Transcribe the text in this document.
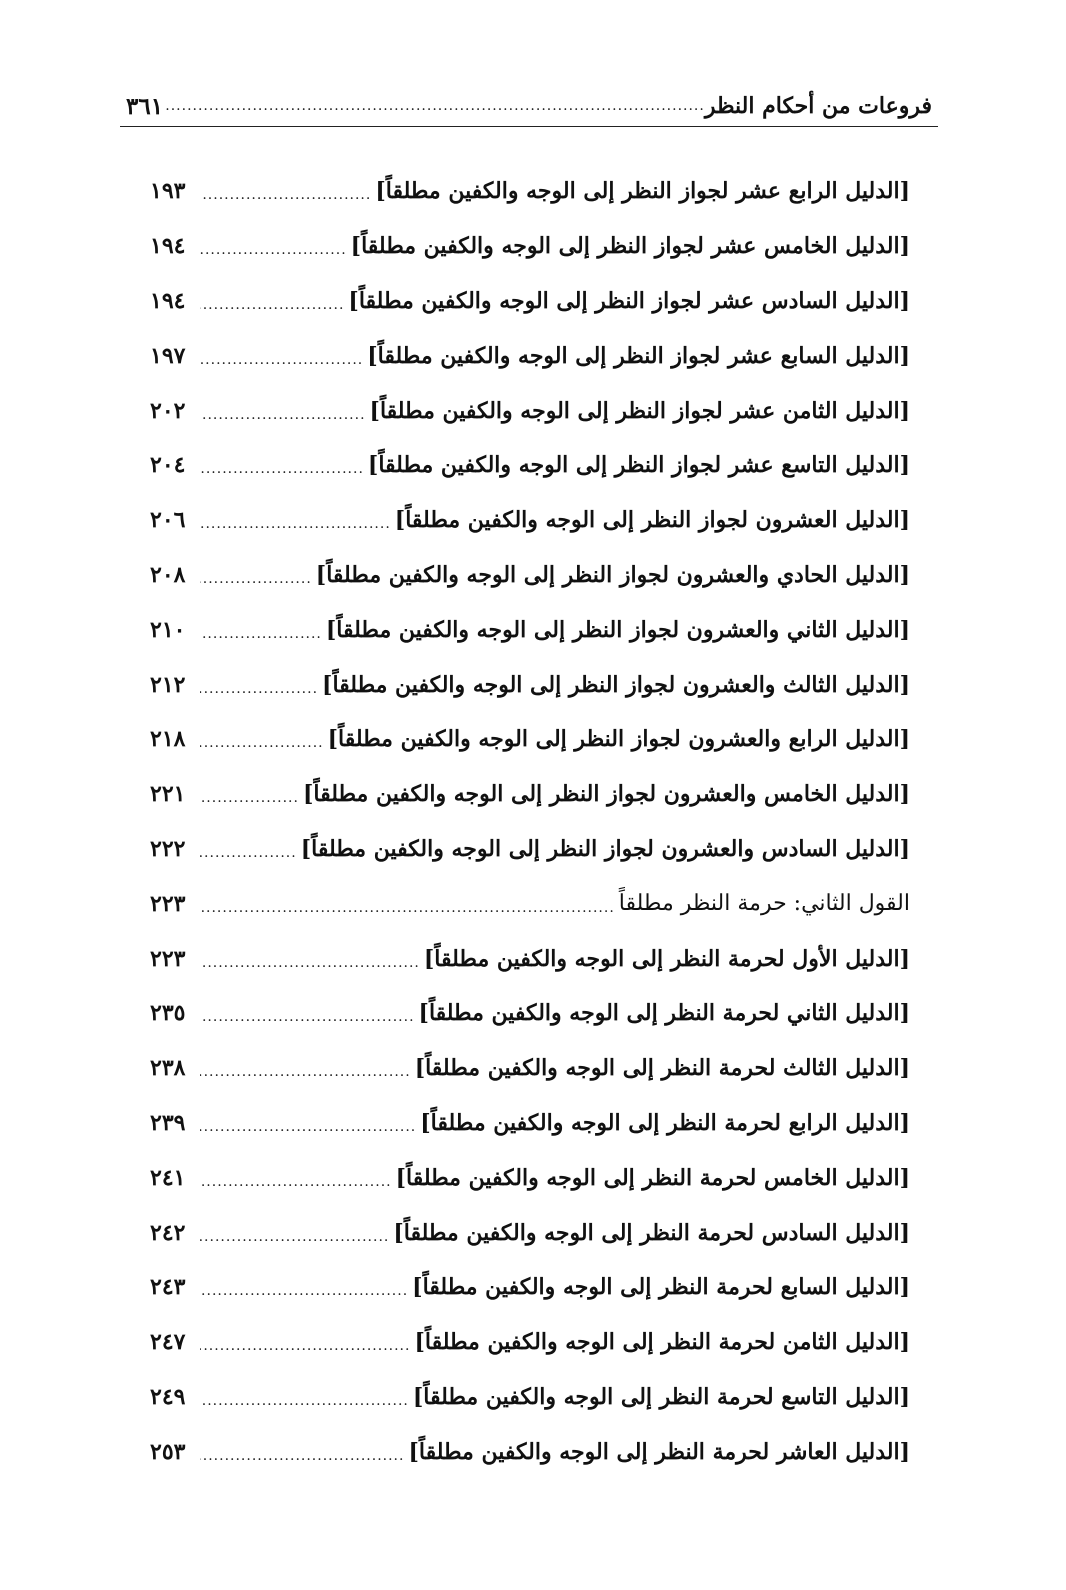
فروعات من أحكام النظر
.....
٣٦١
[الدليل الرابع عشر لجواز النظر إلى الوجه والكفين مطلقاً]
.....
١٩٣
[الدليل الخامس عشر لجواز النظر إلى الوجه والكفين مطلقاً]
.....
١٩٤
[الدليل السادس عشر لجواز النظر إلى الوجه والكفين مطلقاً]
.....
١٩٤
[الدليل السابع عشر لجواز النظر إلى الوجه والكفين مطلقاً]
.....
١٩٧
[الدليل الثامن عشر لجواز النظر إلى الوجه والكفين مطلقاً]
.....
٢٠٢
[الدليل التاسع عشر لجواز النظر إلى الوجه والكفين مطلقاً]
.....
٢٠٤
[الدليل العشرون لجواز النظر إلى الوجه والكفين مطلقاً]
.....
٢٠٦
[الدليل الحادي والعشرون لجواز النظر إلى الوجه والكفين مطلقاً]
.....
٢٠٨
[الدليل الثاني والعشرون لجواز النظر إلى الوجه والكفين مطلقاً]
.....
٢١٠
[الدليل الثالث والعشرون لجواز النظر إلى الوجه والكفين مطلقاً]
.....
٢١٢
[الدليل الرابع والعشرون لجواز النظر إلى الوجه والكفين مطلقاً]
.....
٢١٨
[الدليل الخامس والعشرون لجواز النظر إلى الوجه والكفين مطلقاً]
.....
٢٢١
[الدليل السادس والعشرون لجواز النظر إلى الوجه والكفين مطلقاً]
.....
٢٢٢
القول الثاني: حرمة النظر مطلقاً
.....
٢٢٣
[الدليل الأول لحرمة النظر إلى الوجه والكفين مطلقاً]
.....
٢٢٣
[الدليل الثاني لحرمة النظر إلى الوجه والكفين مطلقاً]
.....
٢٣٥
[الدليل الثالث لحرمة النظر إلى الوجه والكفين مطلقاً]
.....
٢٣٨
[الدليل الرابع لحرمة النظر إلى الوجه والكفين مطلقاً]
.....
٢٣٩
[الدليل الخامس لحرمة النظر إلى الوجه والكفين مطلقاً]
.....
٢٤١
[الدليل السادس لحرمة النظر إلى الوجه والكفين مطلقاً]
.....
٢٤٢
[الدليل السابع لحرمة النظر إلى الوجه والكفين مطلقاً]
.....
٢٤٣
[الدليل الثامن لحرمة النظر إلى الوجه والكفين مطلقاً]
.....
٢٤٧
[الدليل التاسع لحرمة النظر إلى الوجه والكفين مطلقاً]
.....
٢٤٩
[الدليل العاشر لحرمة النظر إلى الوجه والكفين مطلقاً]
.....
٢٥٣
